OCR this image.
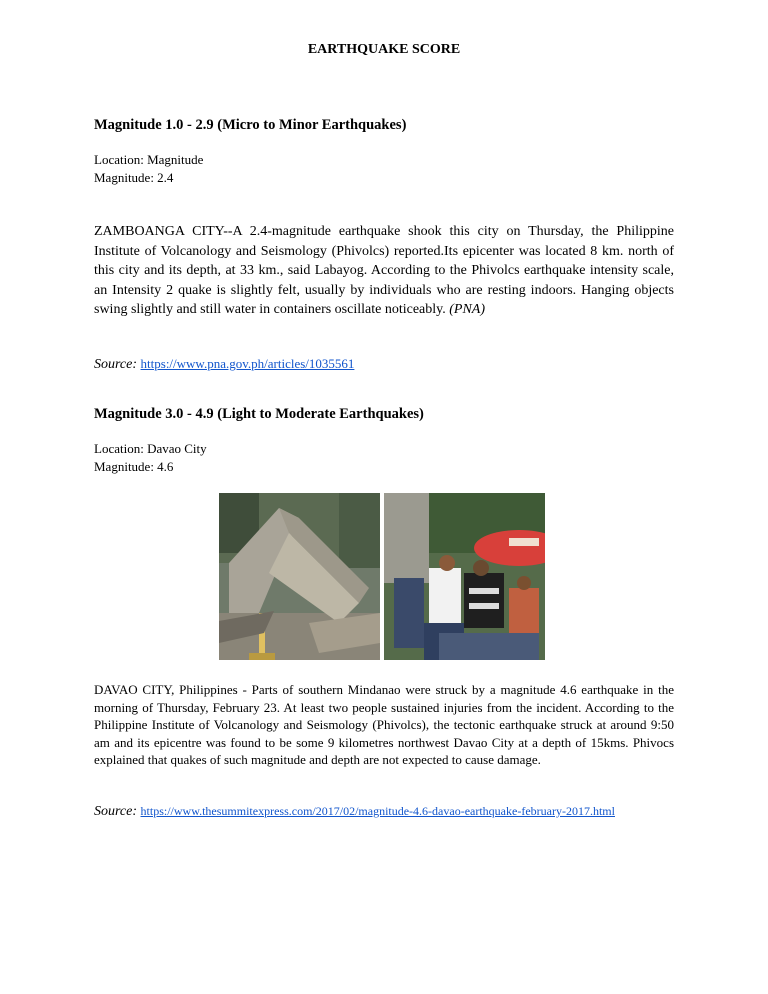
EARTHQUAKE SCORE
Magnitude 1.0 - 2.9 (Micro to Minor Earthquakes)
Location: Magnitude
Magnitude: 2.4
ZAMBOANGA CITY--A 2.4-magnitude earthquake shook this city on Thursday, the Philippine Institute of Volcanology and Seismology (Phivolcs) reported.Its epicenter was located 8 km. north of this city and its depth, at 33 km., said Labayog. According to the Phivolcs earthquake intensity scale, an Intensity 2 quake is slightly felt, usually by individuals who are resting indoors. Hanging objects swing slightly and still water in containers oscillate noticeably. (PNA)
Source: https://www.pna.gov.ph/articles/1035561
Magnitude 3.0 - 4.9 (Light to Moderate Earthquakes)
Location: Davao City
Magnitude: 4.6
DAVAO CITY, Philippines - Parts of southern Mindanao were struck by a magnitude 4.6 earthquake in the morning of Thursday, February 23. At least two people sustained injuries from the incident. According to the Philippine Institute of Volcanology and Seismology (Phivolcs), the tectonic earthquake struck at around 9:50 am and its epicentre was found to be some 9 kilometres northwest Davao City at a depth of 15kms. Phivocs explained that quakes of such magnitude and depth are not expected to cause damage.
Source: https://www.thesummitexpress.com/2017/02/magnitude-4.6-davao-earthquake-february-2017.html
